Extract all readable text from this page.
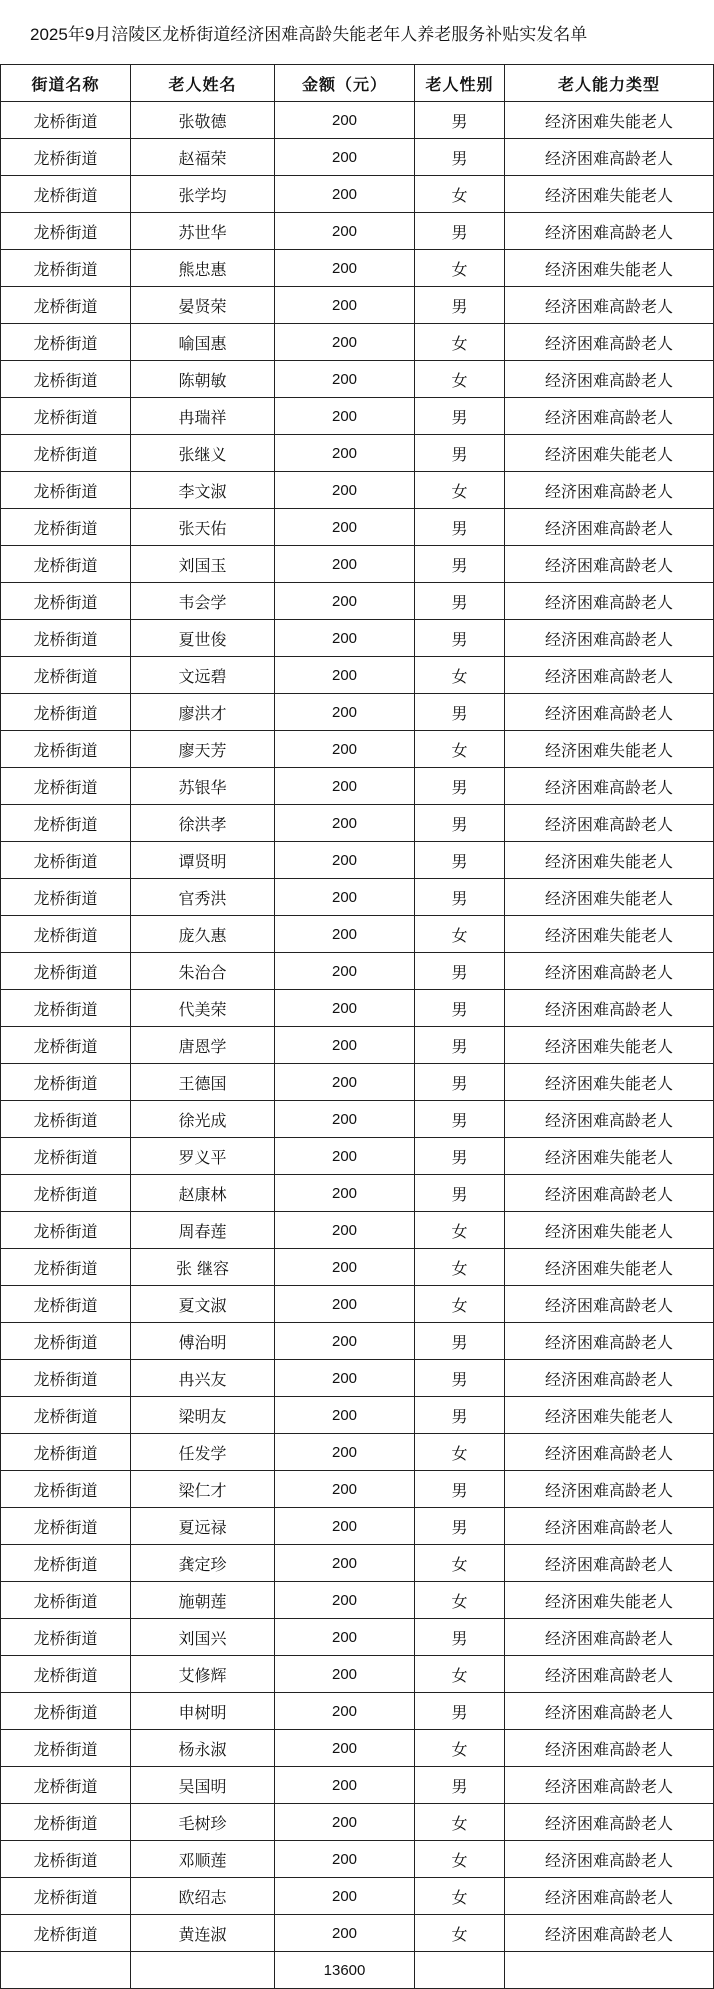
2025年9月涪陵区龙桥街道经济困难高龄失能老年人养老服务补贴实发名单
街道名称	老人姓名	金额（元）	老人性别	老人能力类型
龙桥街道	张敬德	200	男	经济困难失能老人
龙桥街道	赵福荣	200	男	经济困难高龄老人
龙桥街道	张学均	200	女	经济困难失能老人
龙桥街道	苏世华	200	男	经济困难高龄老人
龙桥街道	熊忠惠	200	女	经济困难失能老人
龙桥街道	晏贤荣	200	男	经济困难高龄老人
龙桥街道	喻国惠	200	女	经济困难高龄老人
龙桥街道	陈朝敏	200	女	经济困难高龄老人
龙桥街道	冉瑞祥	200	男	经济困难高龄老人
龙桥街道	张继义	200	男	经济困难失能老人
龙桥街道	李文淑	200	女	经济困难高龄老人
龙桥街道	张天佑	200	男	经济困难高龄老人
龙桥街道	刘国玉	200	男	经济困难高龄老人
龙桥街道	韦会学	200	男	经济困难高龄老人
龙桥街道	夏世俊	200	男	经济困难高龄老人
龙桥街道	文远碧	200	女	经济困难高龄老人
龙桥街道	廖洪才	200	男	经济困难高龄老人
龙桥街道	廖天芳	200	女	经济困难失能老人
龙桥街道	苏银华	200	男	经济困难高龄老人
龙桥街道	徐洪孝	200	男	经济困难高龄老人
龙桥街道	谭贤明	200	男	经济困难失能老人
龙桥街道	官秀洪	200	男	经济困难失能老人
龙桥街道	庞久惠	200	女	经济困难失能老人
龙桥街道	朱治合	200	男	经济困难高龄老人
龙桥街道	代美荣	200	男	经济困难高龄老人
龙桥街道	唐恩学	200	男	经济困难失能老人
龙桥街道	王德国	200	男	经济困难失能老人
龙桥街道	徐光成	200	男	经济困难高龄老人
龙桥街道	罗义平	200	男	经济困难失能老人
龙桥街道	赵康林	200	男	经济困难高龄老人
龙桥街道	周春莲	200	女	经济困难失能老人
龙桥街道	张 继容	200	女	经济困难失能老人
龙桥街道	夏文淑	200	女	经济困难高龄老人
龙桥街道	傅治明	200	男	经济困难高龄老人
龙桥街道	冉兴友	200	男	经济困难高龄老人
龙桥街道	梁明友	200	男	经济困难失能老人
龙桥街道	任发学	200	女	经济困难高龄老人
龙桥街道	梁仁才	200	男	经济困难高龄老人
龙桥街道	夏远禄	200	男	经济困难高龄老人
龙桥街道	龚定珍	200	女	经济困难高龄老人
龙桥街道	施朝莲	200	女	经济困难失能老人
龙桥街道	刘国兴	200	男	经济困难高龄老人
龙桥街道	艾修辉	200	女	经济困难高龄老人
龙桥街道	申树明	200	男	经济困难高龄老人
龙桥街道	杨永淑	200	女	经济困难高龄老人
龙桥街道	吴国明	200	男	经济困难高龄老人
龙桥街道	毛树珍	200	女	经济困难高龄老人
龙桥街道	邓顺莲	200	女	经济困难高龄老人
龙桥街道	欧绍志	200	女	经济困难高龄老人
龙桥街道	黄连淑	200	女	经济困难高龄老人
		13600		
